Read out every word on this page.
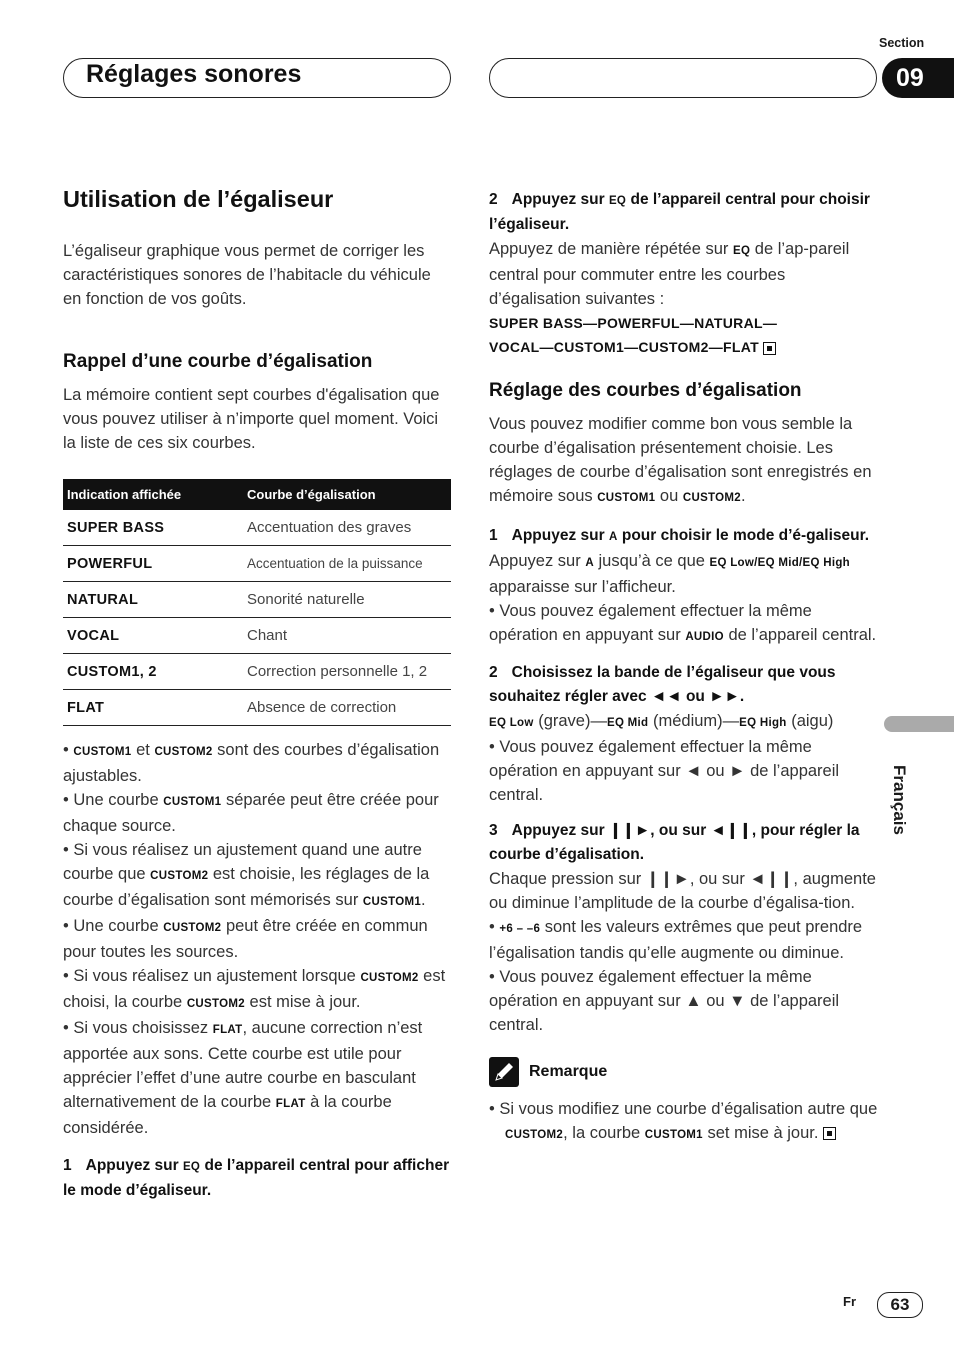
Réglages sonores
Section
09
Utilisation de l’égaliseur

L’égaliseur graphique vous permet de corriger les caractéristiques sonores de l’habitacle du véhicule en fonction de vos goûts.

Rappel d’une courbe d’égalisation

La mémoire contient sept courbes d'égalisation que vous pouvez utiliser à n’importe quel moment. Voici la liste de ces six courbes.

Indication affichée	Courbe d’égalisation
SUPER BASS	Accentuation des graves
POWERFUL	Accentuation de la puissance
NATURAL	Sonorité naturelle
VOCAL	Chant
CUSTOM1, 2	Correction personnelle 1, 2
FLAT	Absence de correction
• CUSTOM1 et CUSTOM2 sont des courbes d’égalisation ajustables.
• Une courbe CUSTOM1 séparée peut être créée pour chaque source.
• Si vous réalisez un ajustement quand une autre courbe que CUSTOM2 est choisie, les réglages de la courbe d’égalisation sont mémorisés sur CUSTOM1.
• Une courbe CUSTOM2 peut être créée en commun pour toutes les sources.
• Si vous réalisez un ajustement lorsque CUSTOM2 est choisi, la courbe CUSTOM2 est mise à jour.
• Si vous choisissez FLAT, aucune correction n’est apportée aux sons. Cette courbe est utile pour apprécier l’effet d’une autre courbe en basculant alternativement de la courbe FLAT à la courbe considérée.

1 Appuyez sur EQ de l’appareil central pour afficher le mode d’égaliseur.

2 Appuyez sur EQ de l’appareil central pour choisir l’égaliseur.

Appuyez de manière répétée sur EQ de l’ap-pareil central pour commuter entre les courbes d’égalisation suivantes :

SUPER BASS—POWERFUL—NATURAL—
VOCAL—CUSTOM1—CUSTOM2—FLAT
Réglage des courbes d’égalisation

Vous pouvez modifier comme bon vous semble la courbe d’égalisation présentement choisie. Les réglages de courbe d’égalisation sont enregistrés en mémoire sous CUSTOM1 ou CUSTOM2.

1 Appuyez sur A pour choisir le mode d’é-galiseur.

Appuyez sur A jusqu’à ce que EQ Low/EQ Mid/EQ High apparaisse sur l’afficheur.

• Vous pouvez également effectuer la même opération en appuyant sur AUDIO de l’appareil central.

2 Choisissez la bande de l’égaliseur que vous souhaitez régler avec ◄◄ ou ►►.

EQ Low (grave)—EQ Mid (médium)—EQ High (aigu)

• Vous pouvez également effectuer la même opération en appuyant sur ◄ ou ► de l’appareil central.

3 Appuyez sur ❙❙►, ou sur ◄❙❙, pour régler la courbe d’égalisation.

Chaque pression sur ❙❙►, ou sur ◄❙❙, augmente ou diminue l’amplitude de la courbe d’égalisa-tion.

• +6 – –6 sont les valeurs extrêmes que peut prendre l’égalisation tandis qu’elle augmente ou diminue.

• Vous pouvez également effectuer la même opération en appuyant sur ▲ ou ▼ de l’appareil central.

Remarque

• Si vous modifiez une courbe d’égalisation autre que CUSTOM2, la courbe CUSTOM1 set mise à jour.

Français
Fr	63
